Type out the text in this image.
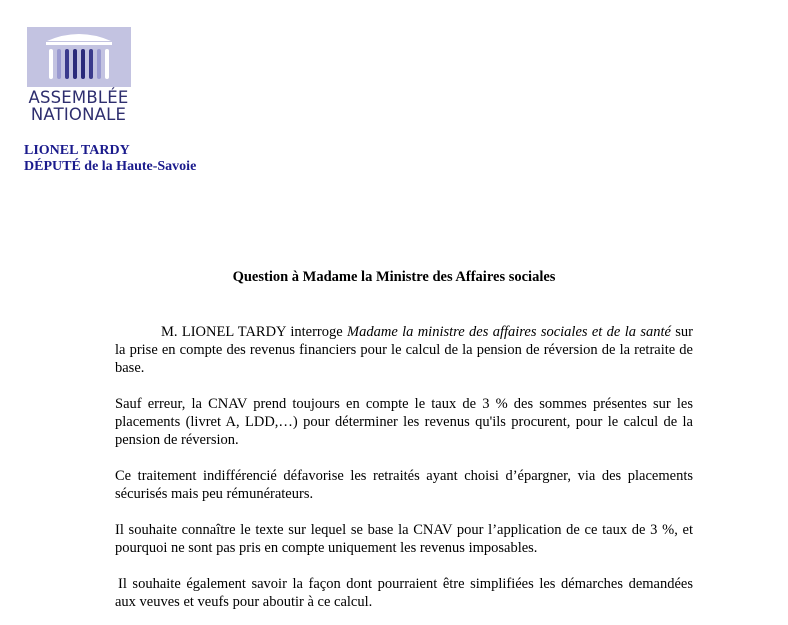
ASSEMBLÉE
NATIONALE
LIONEL TARDY
DÉPUTÉ de la Haute-Savoie
Question à Madame la Ministre des Affaires sociales

M. LIONEL TARDY interroge Madame la ministre des affaires sociales et de la santé sur la prise en compte des revenus financiers pour le calcul de la pension de réversion de la retraite de base.

Sauf erreur, la CNAV prend toujours en compte le taux de 3 % des sommes présentes sur les placements (livret A, LDD,…) pour déterminer les revenus qu'ils procurent, pour le calcul de la pension de réversion.

Ce traitement indifférencié défavorise les retraités ayant choisi d’épargner, via des placements sécurisés mais peu rémunérateurs.

Il souhaite connaître le texte sur lequel se base la CNAV pour l’application de ce taux de 3 %, et pourquoi ne sont pas pris en compte uniquement les revenus imposables.

Il souhaite également savoir la façon dont pourraient être simplifiées les démarches demandées aux veuves et veufs pour aboutir à ce calcul.
